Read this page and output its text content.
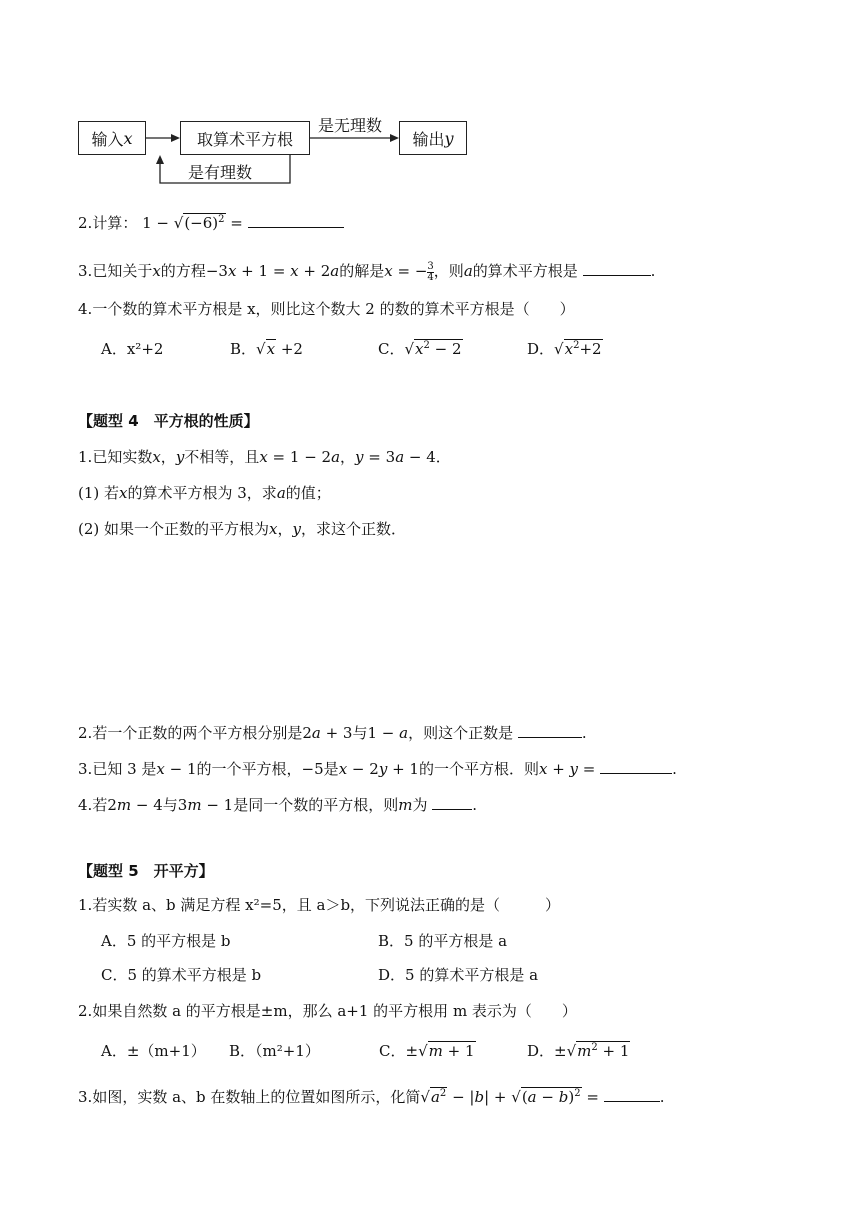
输入 x	取算术平方根	输出 y
是无理数
是有理数
2.计算： $1 - √(-6)^2$ =
3.已知关于x的方程−3x + 1 = x + 2a的解是x = − $\frac{3}{4}$ ，则a的算术平方根是	.
4.一个数的算术平方根是 x，则比这个数大 2 的数的算术平方根是（　　）
A．x²+2	B．√x +2	C．$√x^2 - 2$	D．$√x^2+2$
【题型 4　平方根的性质】
1.已知实数x，y不相等，且x = 1 − 2a，y = 3a − 4．
(1) 若x的算术平方根为 3，求a的值；
(2) 如果一个正数的平方根为x，y，求这个正数．
2.若一个正数的两个平方根分别是2a + 3与1 − a，则这个正数是	.
3.已知 3 是x − 1的一个平方根，−5是x − 2y + 1的一个平方根．则x + y =	.
4.若2m − 4与3m − 1是同一个数的平方根，则m为	.
【题型 5　开平方】
1.若实数 a、b 满足方程 x²=5，且 a＞b，下列说法正确的是（　　　）
A．5 的平方根是 b	B．5 的平方根是 a
C．5 的算术平方根是 b	D．5 的算术平方根是 a
2.如果自然数 a 的平方根是±m，那么 a+1 的平方根用 m 表示为（　　）
A．±（m+1） B．（m²+1）	C．±√m + 1	D．$\pm√m^2 + 1$
3.如图，实数 a、b 在数轴上的位置如图所示，化简$√a^2 - |b| + √(a - b)^2$ =	.
